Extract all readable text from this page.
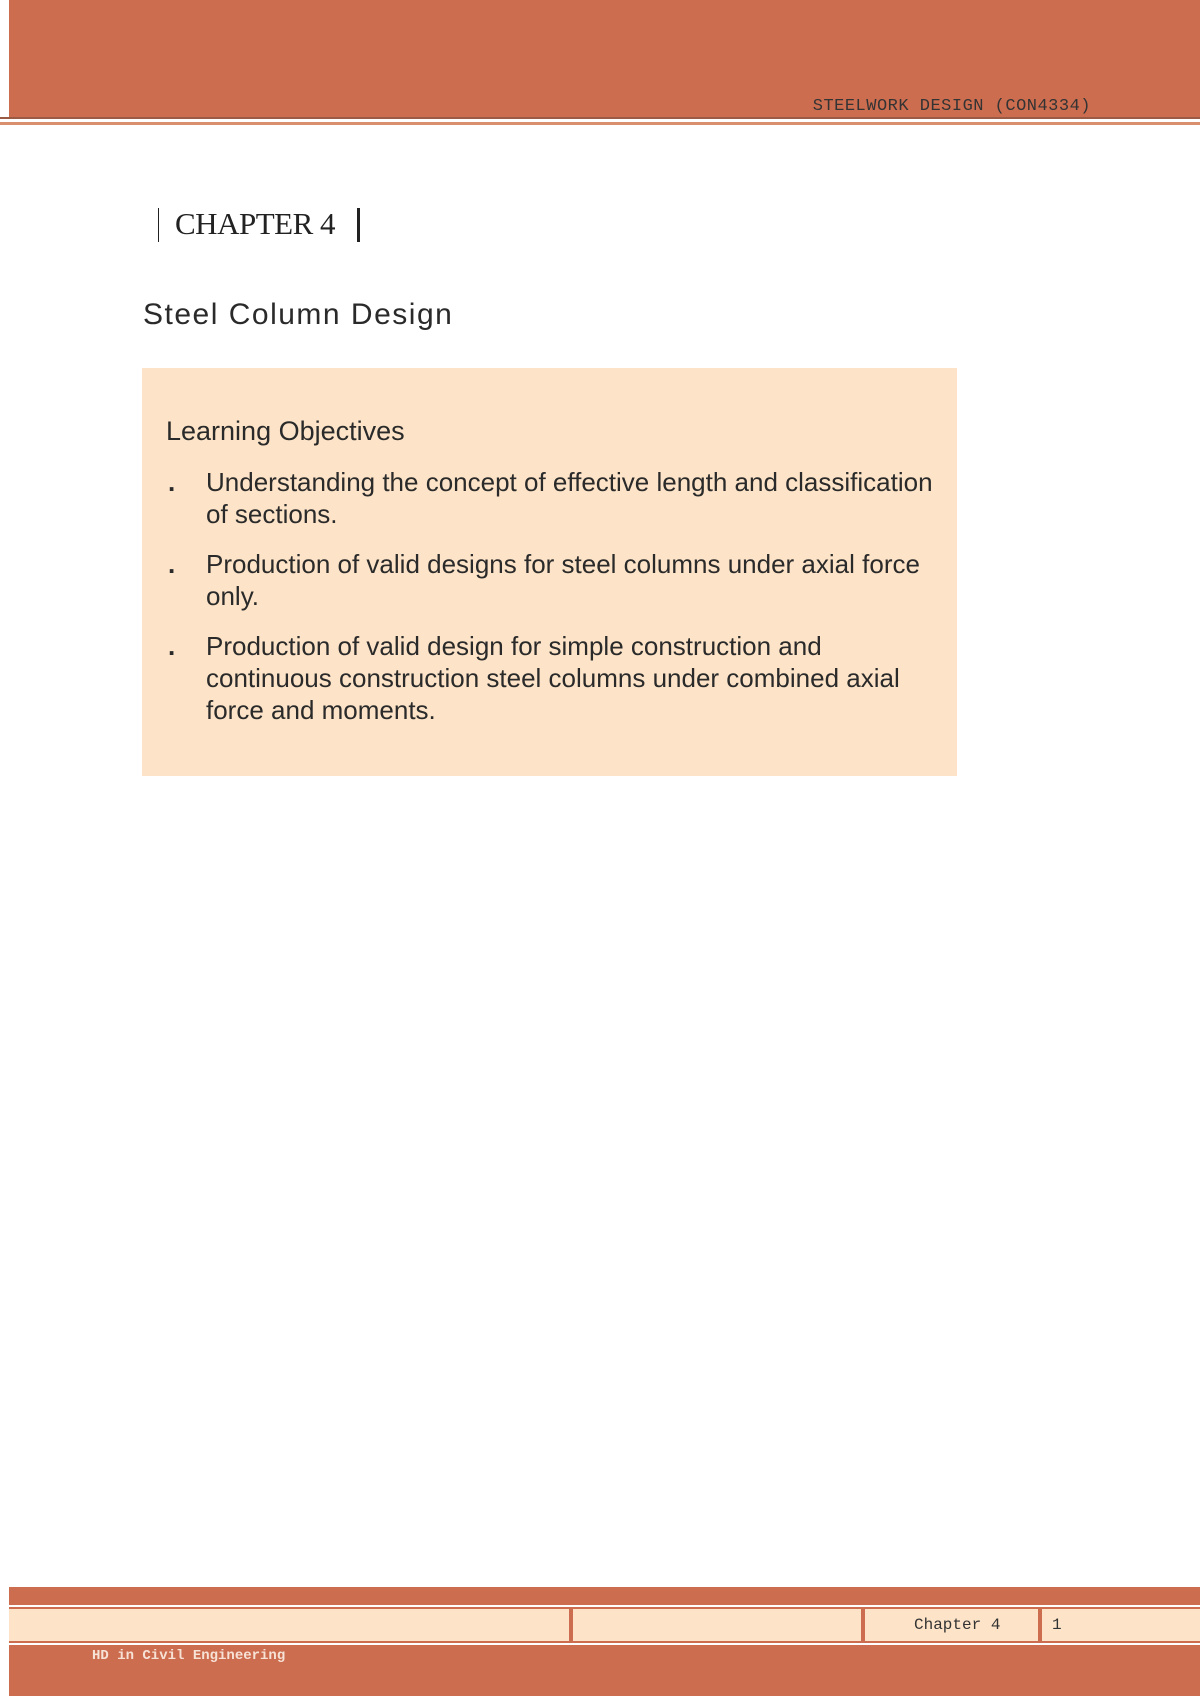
STEELWORK DESIGN (CON4334)
CHAPTER 4
Steel Column Design
Learning Objectives
. Understanding the concept of effective length and classification of sections.
. Production of valid designs for steel columns under axial force only.
. Production of valid design for simple construction and continuous construction steel columns under combined axial force and moments.
Chapter 4	1
HD in Civil Engineering
